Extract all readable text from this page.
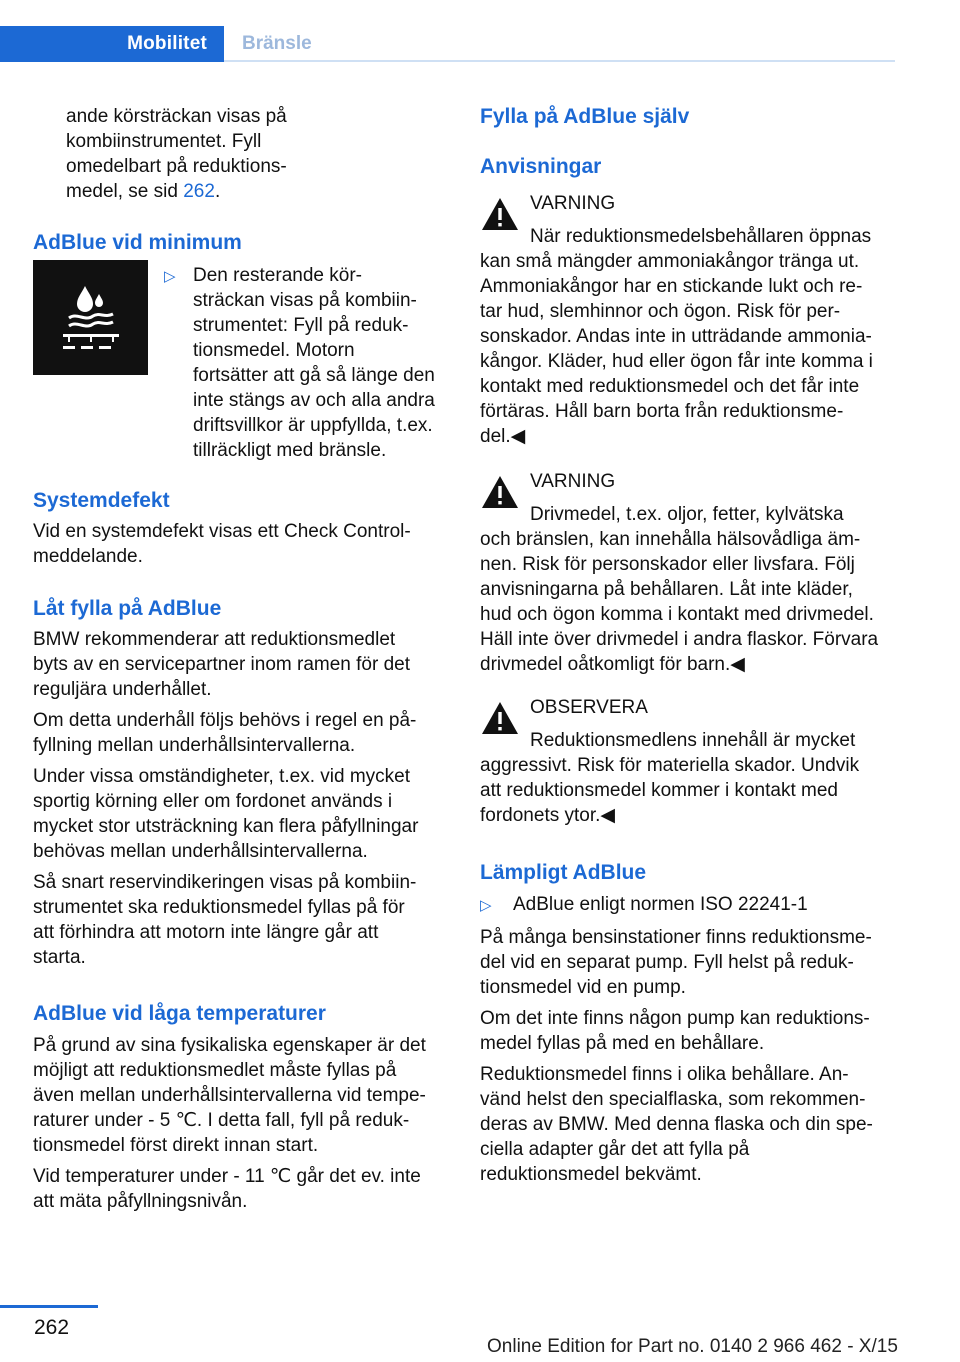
Mobilitet Bränsle

ande körsträckan visas på

kombiinstrumentet. Fyll

omedelbart på reduktions-

medel, se sid 262.

AdBlue vid minimum

▷ Den resterande kör-

sträckan visas på kombiin-

strumentet: Fyll på reduk-

tionsmedel. Motorn

fortsätter att gå så länge den

inte stängs av och alla andra

driftsvillkor är uppfyllda, t.ex.

tillräckligt med bränsle.

Systemdefekt

Vid en systemdefekt visas ett Check Control-

meddelande.

Låt fylla på AdBlue

BMW rekommenderar att reduktionsmedlet

byts av en servicepartner inom ramen för det

reguljära underhållet.

Om detta underhåll följs behövs i regel en på-

fyllning mellan underhållsintervallerna.

Under vissa omständigheter, t.ex. vid mycket

sportig körning eller om fordonet används i

mycket stor utsträckning kan flera påfyllningar

behövas mellan underhållsintervallerna.

Så snart reservindikeringen visas på kombiin-

strumentet ska reduktionsmedel fyllas på för

att förhindra att motorn inte längre går att

starta.

AdBlue vid låga temperaturer

På grund av sina fysikaliska egenskaper är det

möjligt att reduktionsmedlet måste fyllas på

även mellan underhållsintervallerna vid tempe-

raturer under - 5 ℃. I detta fall, fyll på reduk-

tionsmedel först direkt innan start.

Vid temperaturer under - 11 ℃ går det ev. inte

att mäta påfyllningsnivån.

Fylla på AdBlue själv

Anvisningar

VARNING

När reduktionsmedelsbehållaren öppnas

kan små mängder ammoniakångor tränga ut.

Ammoniakångor har en stickande lukt och re-

tar hud, slemhinnor och ögon. Risk för per-

sonskador. Andas inte in utträdande ammonia-

kångor. Kläder, hud eller ögon får inte komma i

kontakt med reduktionsmedel och det får inte

förtäras. Håll barn borta från reduktionsme-

del.◀

VARNING

Drivmedel, t.ex. oljor, fetter, kylvätska

och bränslen, kan innehålla hälsovådliga äm-

nen. Risk för personskador eller livsfara. Följ

anvisningarna på behållaren. Låt inte kläder,

hud och ögon komma i kontakt med drivmedel.

Häll inte över drivmedel i andra flaskor. Förvara

drivmedel oåtkomligt för barn.◀

OBSERVERA

Reduktionsmedlens innehåll är mycket

aggressivt. Risk för materiella skador. Undvik

att reduktionsmedel kommer i kontakt med

fordonets ytor.◀

Lämpligt AdBlue

▷ AdBlue enligt normen ISO 22241-1

På många bensinstationer finns reduktionsme-

del vid en separat pump. Fyll helst på reduk-

tionsmedel vid en pump.

Om det inte finns någon pump kan reduktions-

medel fyllas på med en behållare.

Reduktionsmedel finns i olika behållare. An-

vänd helst den specialflaska, som rekommen-

deras av BMW. Med denna flaska och din spe-

ciella adapter går det att fylla på

reduktionsmedel bekvämt.

262
Online Edition for Part no. 0140 2 966 462 - X/15
